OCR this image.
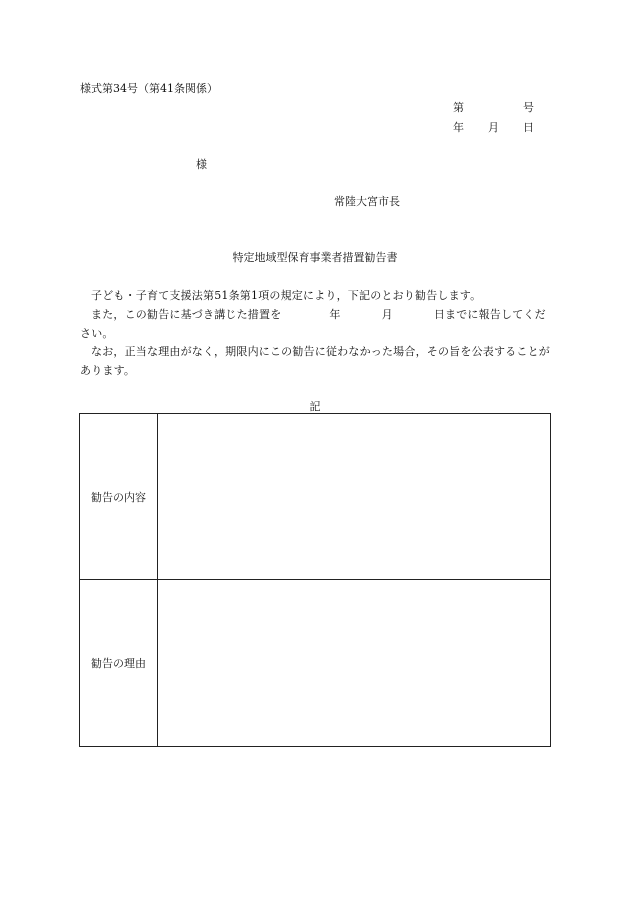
様式第34号（第41条関係）
第	号
年 月 日
様
常陸大宮市長
特定地域型保育事業者措置勧告書
子ども・子育て支援法第51条第1項の規定により，下記のとおり勧告します。
また，この勧告に基づき講じた措置を	年	月	日までに報告してください。
なお，正当な理由がなく，期限内にこの勧告に従わなかった場合，その旨を公表することがあります。
記
勧告の内容
勧告の理由
